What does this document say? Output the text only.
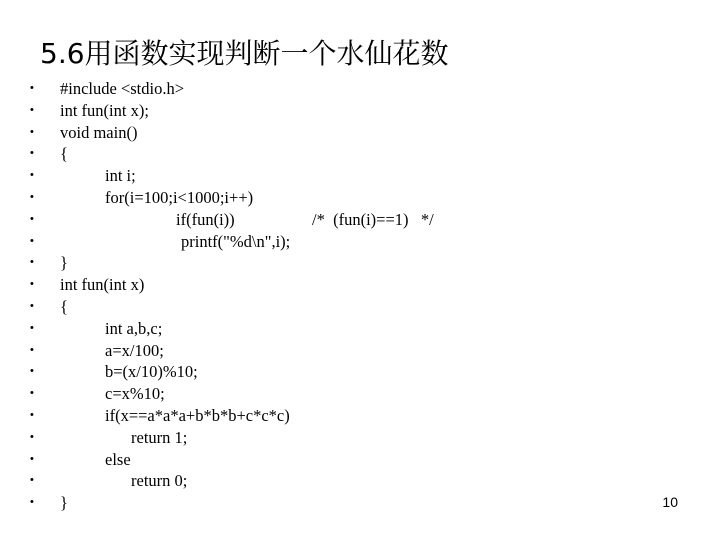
5.6用函数实现判断一个水仙花数
• #include <stdio.h>
• int fun(int x);
• void main()
• {
•	int i;
•	for(i=100;i<1000;i++)
•	if(fun(i))	/*  (fun(i)==1)   */
•	printf("%d\n",i);
• }
• int fun(int x)
• {
•	int a,b,c;
•	a=x/100;
•	b=(x/10)%10;
•	c=x%10;
•	if(x==a*a*a+b*b*b+c*c*c)
•	return 1;
•	else
•	return 0;
• }	10
